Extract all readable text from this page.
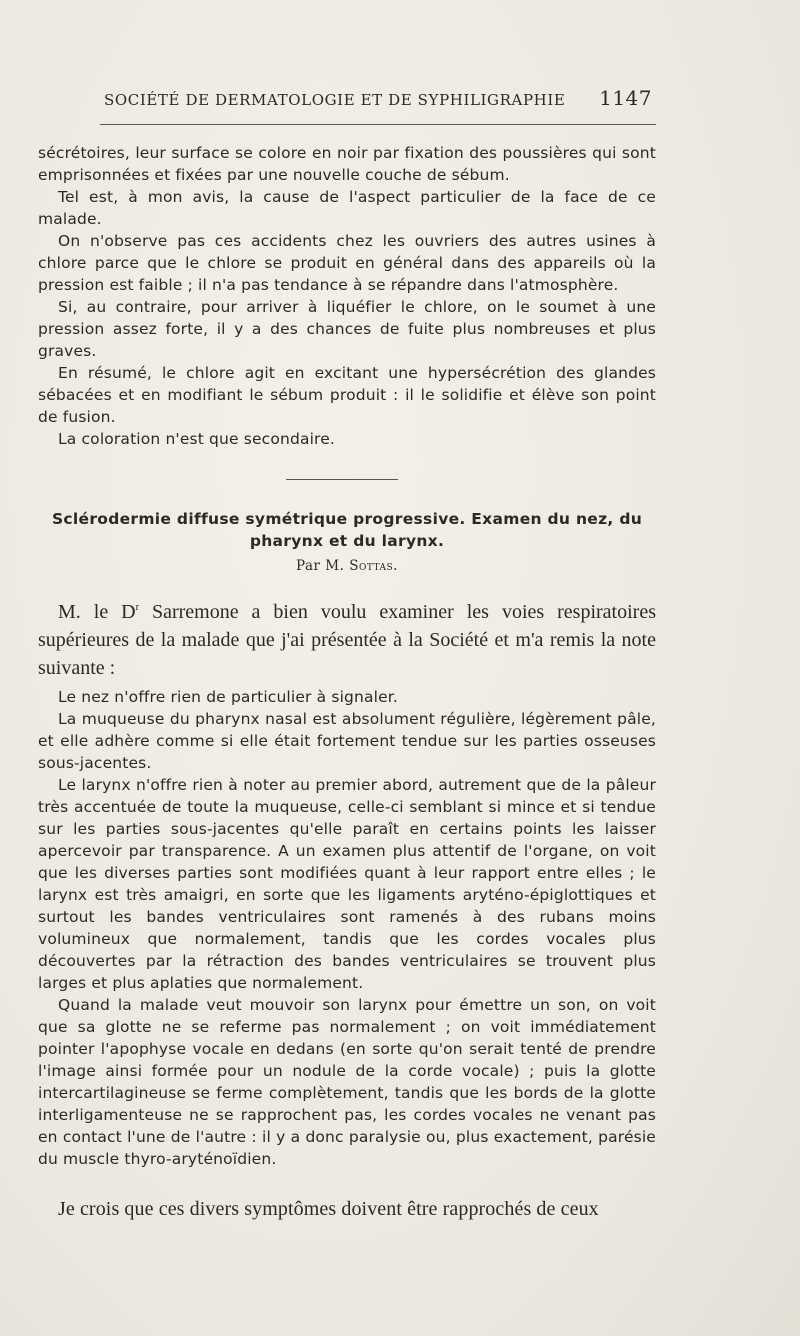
SOCIÉTÉ DE DERMATOLOGIE ET DE SYPHILIGRAPHIE 1147

sécrétoires, leur surface se colore en noir par fixation des poussières qui sont emprisonnées et fixées par une nouvelle couche de sébum.

Tel est, à mon avis, la cause de l'aspect particulier de la face de ce malade.

On n'observe pas ces accidents chez les ouvriers des autres usines à chlore parce que le chlore se produit en général dans des appareils où la pression est faible ; il n'a pas tendance à se répandre dans l'atmosphère.

Si, au contraire, pour arriver à liquéfier le chlore, on le soumet à une pression assez forte, il y a des chances de fuite plus nombreuses et plus graves.

En résumé, le chlore agit en excitant une hypersécrétion des glandes sébacées et en modifiant le sébum produit : il le solidifie et élève son point de fusion.

La coloration n'est que secondaire.

Sclérodermie diffuse symétrique progressive. Examen du nez, du pharynx et du larynx.
Par M. Sottas.

M. le $D^r$ Sarremone a bien voulu examiner les voies respiratoires supérieures de la malade que j'ai présentée à la Société et m'a remis la note suivante :

Le nez n'offre rien de particulier à signaler.

La muqueuse du pharynx nasal est absolument régulière, légèrement pâle, et elle adhère comme si elle était fortement tendue sur les parties osseuses sous-jacentes.

Le larynx n'offre rien à noter au premier abord, autrement que de la pâleur très accentuée de toute la muqueuse, celle-ci semblant si mince et si tendue sur les parties sous-jacentes qu'elle paraît en certains points les laisser apercevoir par transparence. A un examen plus attentif de l'organe, on voit que les diverses parties sont modifiées quant à leur rapport entre elles ; le larynx est très amaigri, en sorte que les ligaments aryténo-épiglottiques et surtout les bandes ventriculaires sont ramenés à des rubans moins volumineux que normalement, tandis que les cordes vocales plus découvertes par la rétraction des bandes ventriculaires se trouvent plus larges et plus aplaties que normalement.

Quand la malade veut mouvoir son larynx pour émettre un son, on voit que sa glotte ne se referme pas normalement ; on voit immédiatement pointer l'apophyse vocale en dedans (en sorte qu'on serait tenté de prendre l'image ainsi formée pour un nodule de la corde vocale) ; puis la glotte intercartilagineuse se ferme complètement, tandis que les bords de la glotte interligamenteuse ne se rapprochent pas, les cordes vocales ne venant pas en contact l'une de l'autre : il y a donc paralysie ou, plus exactement, parésie du muscle thyro-aryténoïdien.

Je crois que ces divers symptômes doivent être rapprochés de ceux
